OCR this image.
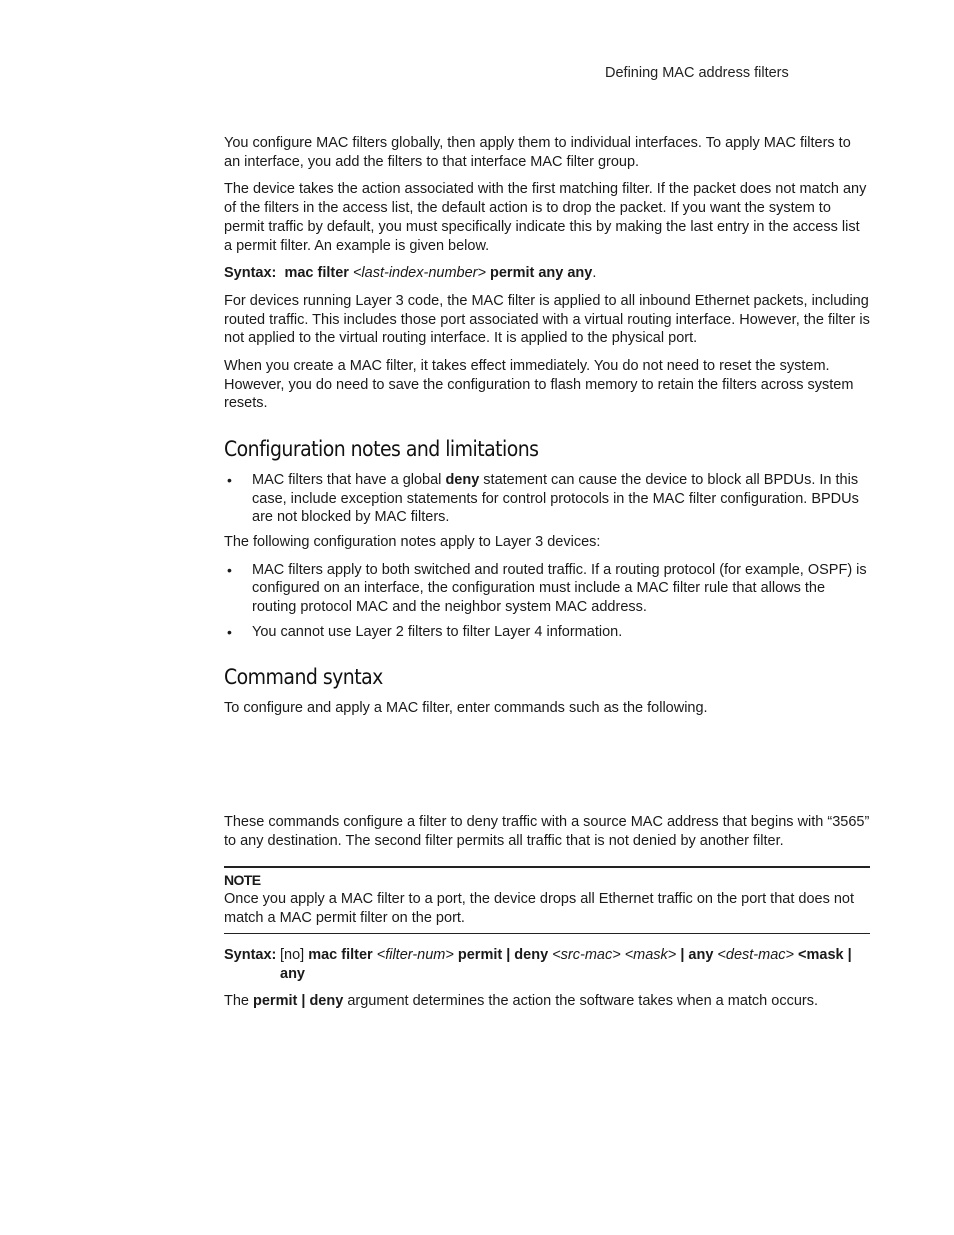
Defining MAC address filters

You configure MAC filters globally, then apply them to individual interfaces. To apply MAC filters to an interface, you add the filters to that interface MAC filter group.

The device takes the action associated with the first matching filter. If the packet does not match any of the filters in the access list, the default action is to drop the packet. If you want the system to permit traffic by default, you must specifically indicate this by making the last entry in the access list a permit filter. An example is given below.

Syntax: mac filter <last-index-number> permit any any.

For devices running Layer 3 code, the MAC filter is applied to all inbound Ethernet packets, including routed traffic. This includes those port associated with a virtual routing interface. However, the filter is not applied to the virtual routing interface. It is applied to the physical port.

When you create a MAC filter, it takes effect immediately. You do not need to reset the system. However, you do need to save the configuration to flash memory to retain the filters across system resets.

Configuration notes and limitations
• MAC filters that have a global deny statement can cause the device to block all BPDUs. In this case, include exception statements for control protocols in the MAC filter configuration. BPDUs are not blocked by MAC filters.

The following configuration notes apply to Layer 3 devices:

• MAC filters apply to both switched and routed traffic. If a routing protocol (for example, OSPF) is configured on an interface, the configuration must include a MAC filter rule that allows the routing protocol MAC and the neighbor system MAC address.
• You cannot use Layer 2 filters to filter Layer 4 information.
Command syntax

To configure and apply a MAC filter, enter commands such as the following.

These commands configure a filter to deny traffic with a source MAC address that begins with “3565” to any destination. The second filter permits all traffic that is not denied by another filter.

NOTE
Once you apply a MAC filter to a port, the device drops all Ethernet traffic on the port that does not match a MAC permit filter on the port.
Syntax: [no] mac filter <filter-num> permit | deny <src-mac> <mask> | any <dest-mac> <mask | any

The permit | deny argument determines the action the software takes when a match occurs.
